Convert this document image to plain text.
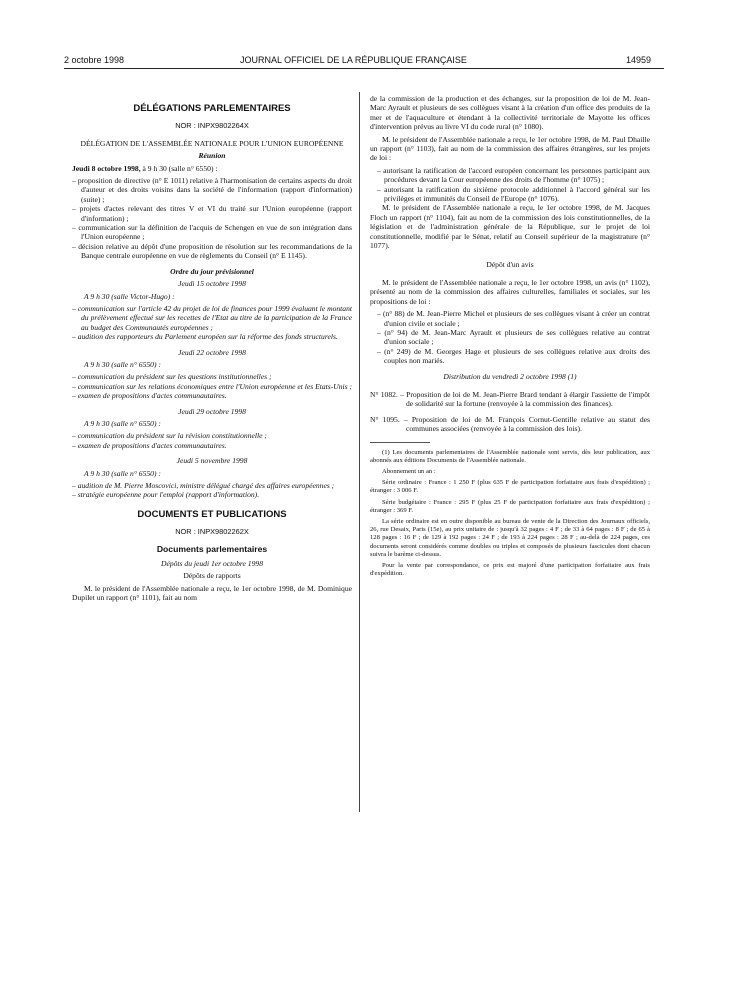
2 octobre 1998	JOURNAL OFFICIEL DE LA RÉPUBLIQUE FRANÇAISE	14959
DÉLÉGATIONS PARLEMENTAIRES
NOR : INPX9802264X

DÉLÉGATION DE L'ASSEMBLÉE NATIONALE POUR L'UNION EUROPÉENNE

Réunion

Jeudi 8 octobre 1998, à 9 h 30 (salle n° 6550) :

– proposition de directive (n° E 1011) relative à l'harmonisation de certains aspects du droit d'auteur et des droits voisins dans la société de l'information (rapport d'information) (suite) ;

– projets d'actes relevant des titres V et VI du traité sur l'Union européenne (rapport d'information) ;

– communication sur la définition de l'acquis de Schengen en vue de son intégration dans l'Union européenne ;

– décision relative au dépôt d'une proposition de résolution sur les recommandations de la Banque centrale européenne en vue de règlements du Conseil (n° E 1145).

Ordre du jour prévisionnel

Jeudi 15 octobre 1998

A 9 h 30 (salle Victor-Hugo) :

– communication sur l'article 42 du projet de loi de finances pour 1999 évaluant le montant du prélèvement effectué sur les recettes de l'Etat au titre de la participation de la France au budget des Communautés européennes ;

– audition des rapporteurs du Parlement européen sur la réforme des fonds structurels.

Jeudi 22 octobre 1998

A 9 h 30 (salle n° 6550) :

– communication du président sur les questions institutionnelles ;

– communication sur les relations économiques entre l'Union européenne et les Etats-Unis ;

– examen de propositions d'actes communautaires.

Jeudi 29 octobre 1998

A 9 h 30 (salle n° 6550) :

– communication du président sur la révision constitutionnelle ;

– examen de propositions d'actes communautaires.

Jeudi 5 novembre 1998

A 9 h 30 (salle n° 6550) :

– audition de M. Pierre Moscovici, ministre délégué chargé des affaires européennes ;

– stratégie européenne pour l'emploi (rapport d'information).

DOCUMENTS ET PUBLICATIONS
NOR : INPX9802262X
Documents parlementaires

Dépôts du jeudi 1er octobre 1998

Dépôts de rapports

M. le président de l'Assemblée nationale a reçu, le 1er octobre 1998, de M. Dominique Dupilet un rapport (n° 1101), fait au nom

de la commission de la production et des échanges, sur la proposition de loi de M. Jean-Marc Ayrault et plusieurs de ses collègues visant à la création d'un office des produits de la mer et de l'aquaculture et étendant à la collectivité territoriale de Mayotte les offices d'intervention prévus au livre VI du code rural (n° 1080).

M. le président de l'Assemblée nationale a reçu, le 1er octobre 1998, de M. Paul Dhaille un rapport (n° 1103), fait au nom de la commission des affaires étrangères, sur les projets de loi :

– autorisant la ratification de l'accord européen concernant les personnes participant aux procédures devant la Cour européenne des droits de l'homme (n° 1075) ;

– autorisant la ratification du sixième protocole additionnel à l'accord général sur les privilèges et immunités du Conseil de l'Europe (n° 1076).

M. le président de l'Assemblée nationale a reçu, le 1er octobre 1998, de M. Jacques Floch un rapport (n° 1104), fait au nom de la commission des lois constitutionnelles, de la législation et de l'administration générale de la République, sur le projet de loi constitutionnelle, modifié par le Sénat, relatif au Conseil supérieur de la magistrature (n° 1077).

Dépôt d'un avis

M. le président de l'Assemblée nationale a reçu, le 1er octobre 1998, un avis (n° 1102), présenté au nom de la commission des affaires culturelles, familiales et sociales, sur les propositions de loi :

– (n° 88) de M. Jean-Pierre Michel et plusieurs de ses collègues visant à créer un contrat d'union civile et sociale ;

– (n° 94) de M. Jean-Marc Ayrault et plusieurs de ses collègues relative au contrat d'union sociale ;

– (n° 249) de M. Georges Hage et plusieurs de ses collègues relative aux droits des couples non mariés.

Distribution du vendredi 2 octobre 1998 (1)

N° 1082. – Proposition de loi de M. Jean-Pierre Brard tendant à élargir l'assiette de l'impôt de solidarité sur la fortune (renvoyée à la commission des finances).

N° 1095. – Proposition de loi de M. François Cornut-Gentille relative au statut des communes associées (renvoyée à la commission des lois).

(1) Les documents parlementaires de l'Assemblée nationale sont servis, dès leur publication, aux abonnés aux éditions Documents de l'Assemblée nationale.

Abonnement un an :

Série ordinaire : France : 1 250 F (plus 635 F de participation forfaitaire aux frais d'expédition) ; étranger : 3 006 F.

Série budgétaire : France : 295 F (plus 25 F de participation forfaitaire aux frais d'expédition) ; étranger : 369 F.

La série ordinaire est en outre disponible au bureau de vente de la Direction des Journaux officiels, 26, rue Desaix, Paris (15e), au prix unitaire de : jusqu'à 32 pages : 4 F ; de 33 à 64 pages : 8 F ; de 65 à 128 pages : 16 F ; de 129 à 192 pages : 24 F ; de 193 à 224 pages : 28 F ; au-delà de 224 pages, ces documents seront considérés comme doubles ou triples et composés de plusieurs fascicules dont chacun suivra le barème ci-dessus.

Pour la vente par correspondance, ce prix est majoré d'une participation forfaitaire aux frais d'expédition.
